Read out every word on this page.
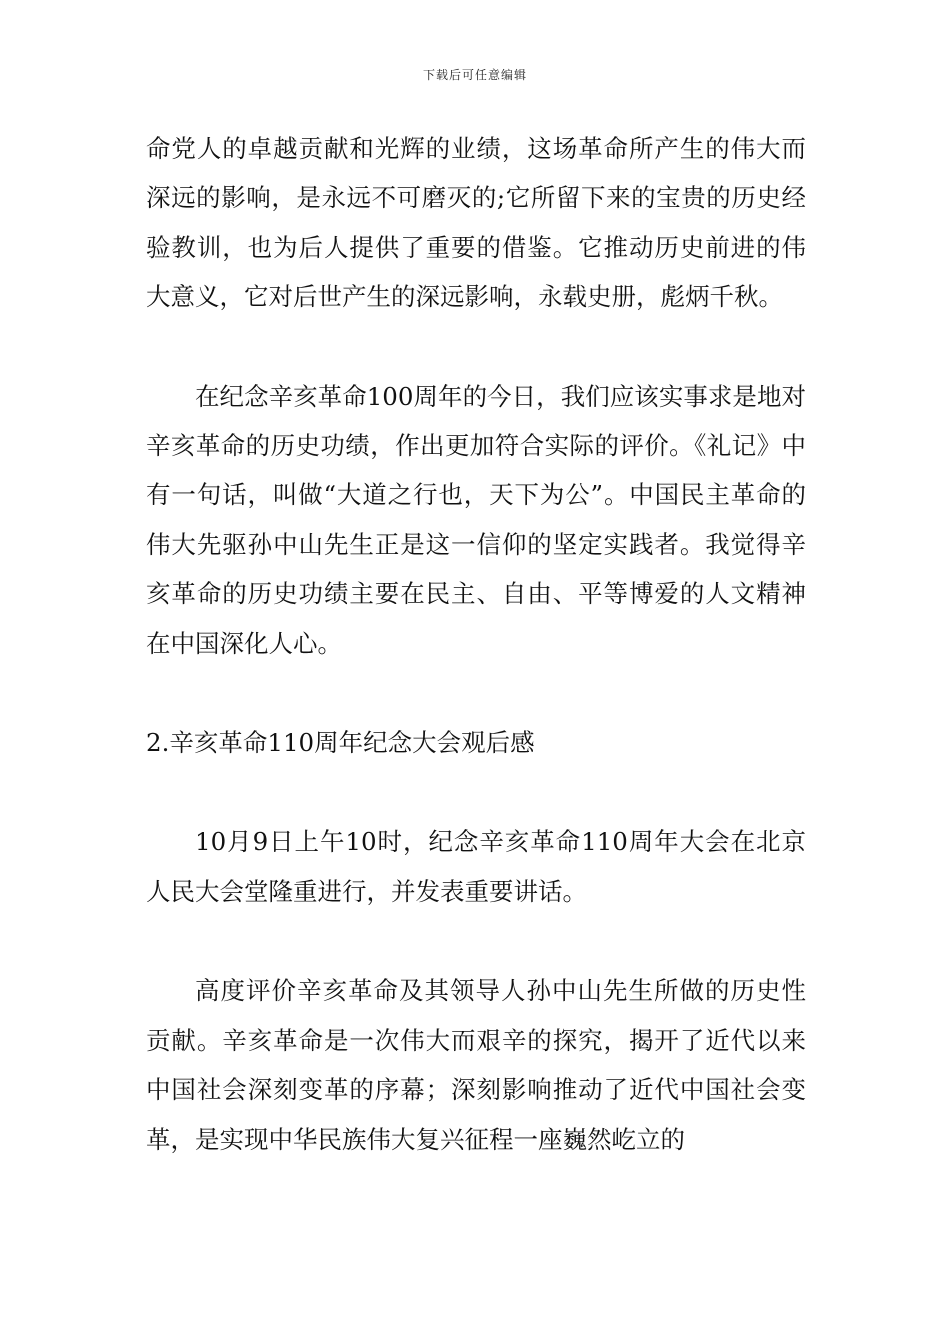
下载后可任意编辑

命党人的卓越贡献和光辉的业绩，这场革命所产生的伟大而深远的影响，是永远不可磨灭的;它所留下来的宝贵的历史经验教训，也为后人提供了重要的借鉴。它推动历史前进的伟大意义，它对后世产生的深远影响，永载史册，彪炳千秋。

在纪念辛亥革命100周年的今日，我们应该实事求是地对辛亥革命的历史功绩，作出更加符合实际的评价。《礼记》中有一句话，叫做“大道之行也，天下为公”。中国民主革命的伟大先驱孙中山先生正是这一信仰的坚定实践者。我觉得辛亥革命的历史功绩主要在民主、自由、平等博爱的人文精神在中国深化人心。

2.辛亥革命110周年纪念大会观后感

10月9日上午10时，纪念辛亥革命110周年大会在北京人民大会堂隆重进行，并发表重要讲话。

高度评价辛亥革命及其领导人孙中山先生所做的历史性贡献。辛亥革命是一次伟大而艰辛的探究，揭开了近代以来中国社会深刻变革的序幕；深刻影响推动了近代中国社会变革，是实现中华民族伟大复兴征程一座巍然屹立的
